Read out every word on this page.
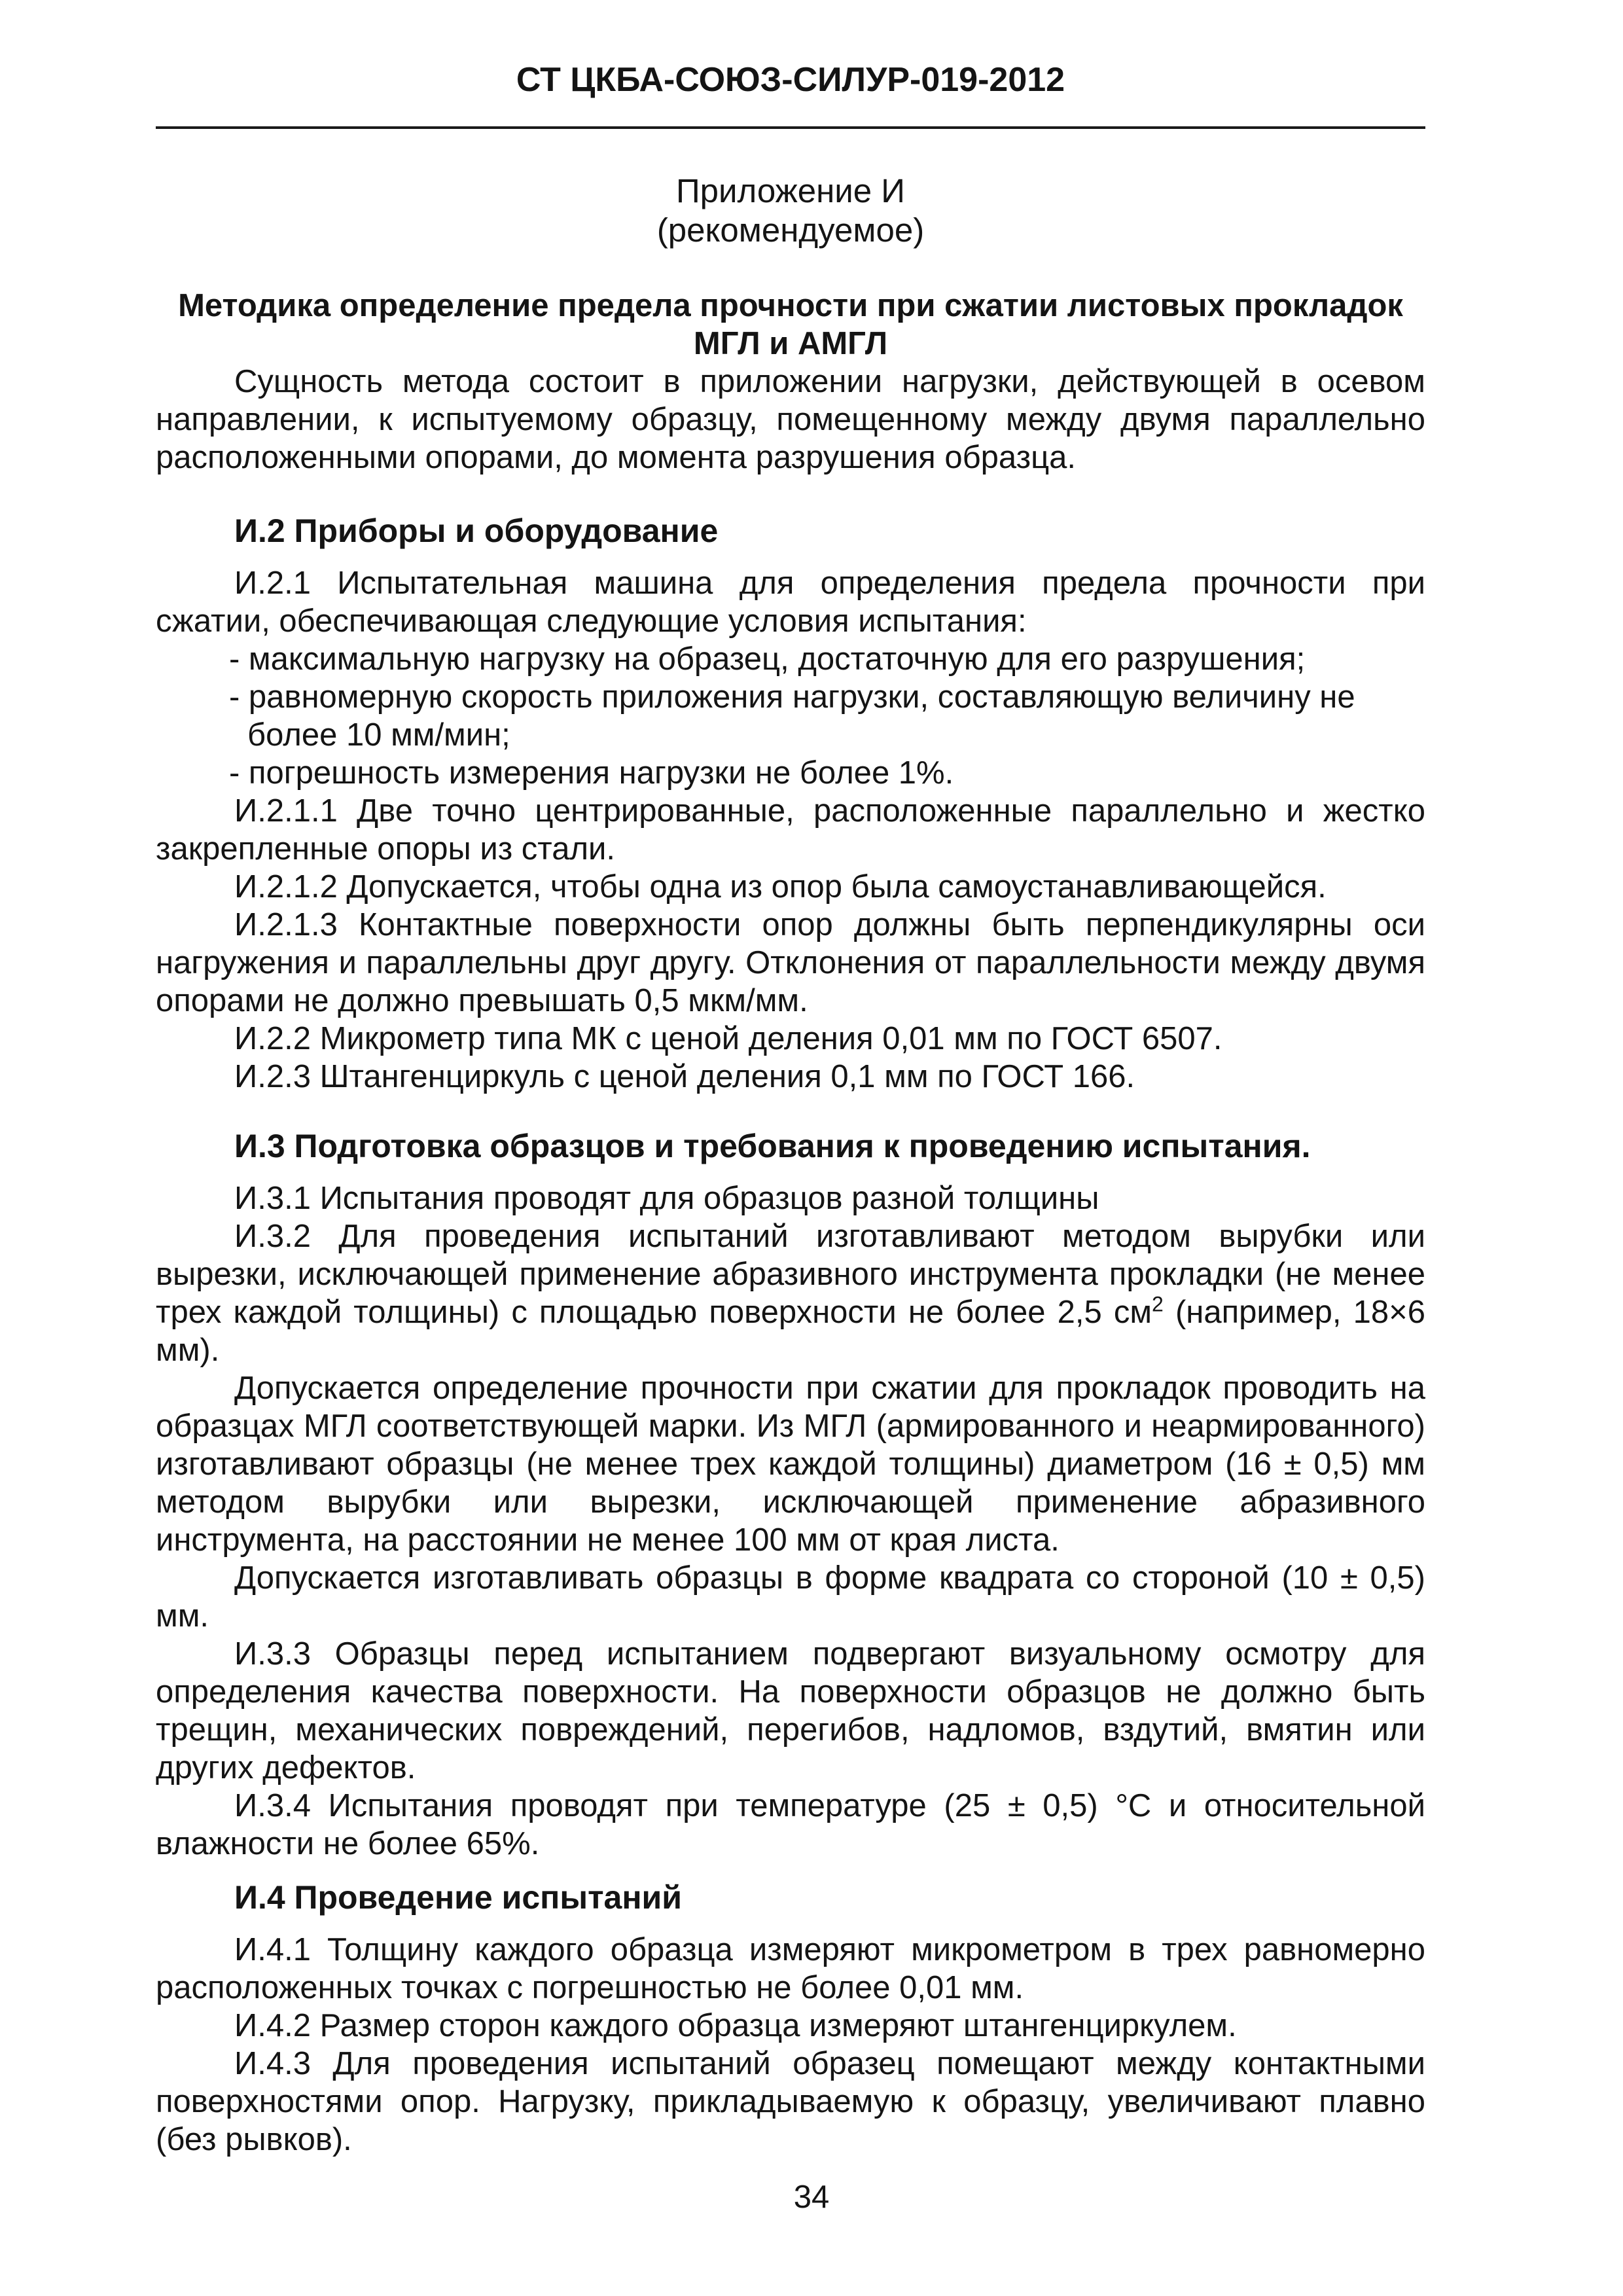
СТ ЦКБА-СОЮЗ-СИЛУР-019-2012
Приложение И
(рекомендуемое)
Методика определение предела прочности при сжатии листовых прокладок
МГЛ и АМГЛ

Сущность метода состоит в приложении нагрузки, действующей в осевом направлении, к испытуемому образцу, помещенному между двумя параллельно расположенными опорами, до момента разрушения образца.

И.2 Приборы и оборудование

И.2.1 Испытательная машина для определения предела прочности при сжатии, обеспечивающая следующие условия испытания:

- максимальную нагрузку на образец, достаточную для его разрушения;

- равномерную скорость приложения нагрузки, составляющую величину не более 10 мм/мин;

- погрешность измерения нагрузки не более 1%.

И.2.1.1 Две точно центрированные, расположенные параллельно и жестко закрепленные опоры из стали.

И.2.1.2 Допускается, чтобы одна из опор была самоустанавливающейся.

И.2.1.3 Контактные поверхности опор должны быть перпендикулярны оси нагружения и параллельны друг другу. Отклонения от параллельности между двумя опорами не должно превышать 0,5 мкм/мм.

И.2.2 Микрометр типа МК с ценой деления 0,01 мм по ГОСТ 6507.

И.2.3 Штангенциркуль с ценой деления 0,1 мм по ГОСТ 166.

И.3 Подготовка образцов и требования к проведению испытания.

И.3.1 Испытания проводят для образцов разной толщины

И.3.2 Для проведения испытаний изготавливают методом вырубки или вырезки, исключающей применение абразивного инструмента прокладки (не менее трех каждой толщины) с площадью поверхности не более 2,5 $см^2$ (например, 18×6 мм).

Допускается определение прочности при сжатии для прокладок проводить на образцах МГЛ соответствующей марки. Из МГЛ (армированного и неармированного) изготавливают образцы (не менее трех каждой толщины) диаметром (16 ± 0,5) мм методом вырубки или вырезки, исключающей применение абразивного инструмента, на расстоянии не менее 100 мм от края листа.

Допускается изготавливать образцы в форме квадрата со стороной (10 ± 0,5) мм.

И.3.3 Образцы перед испытанием подвергают визуальному осмотру для определения качества поверхности. На поверхности образцов не должно быть трещин, механических повреждений, перегибов, надломов, вздутий, вмятин или других дефектов.

И.3.4 Испытания проводят при температуре (25 ± 0,5) °С и относительной влажности не более 65%.

И.4 Проведение испытаний

И.4.1 Толщину каждого образца измеряют микрометром в трех равномерно расположенных точках с погрешностью не более 0,01 мм.

И.4.2 Размер сторон каждого образца измеряют штангенциркулем.

И.4.3 Для проведения испытаний образец помещают между контактными поверхностями опор. Нагрузку, прикладываемую к образцу, увеличивают плавно (без рывков).

34
